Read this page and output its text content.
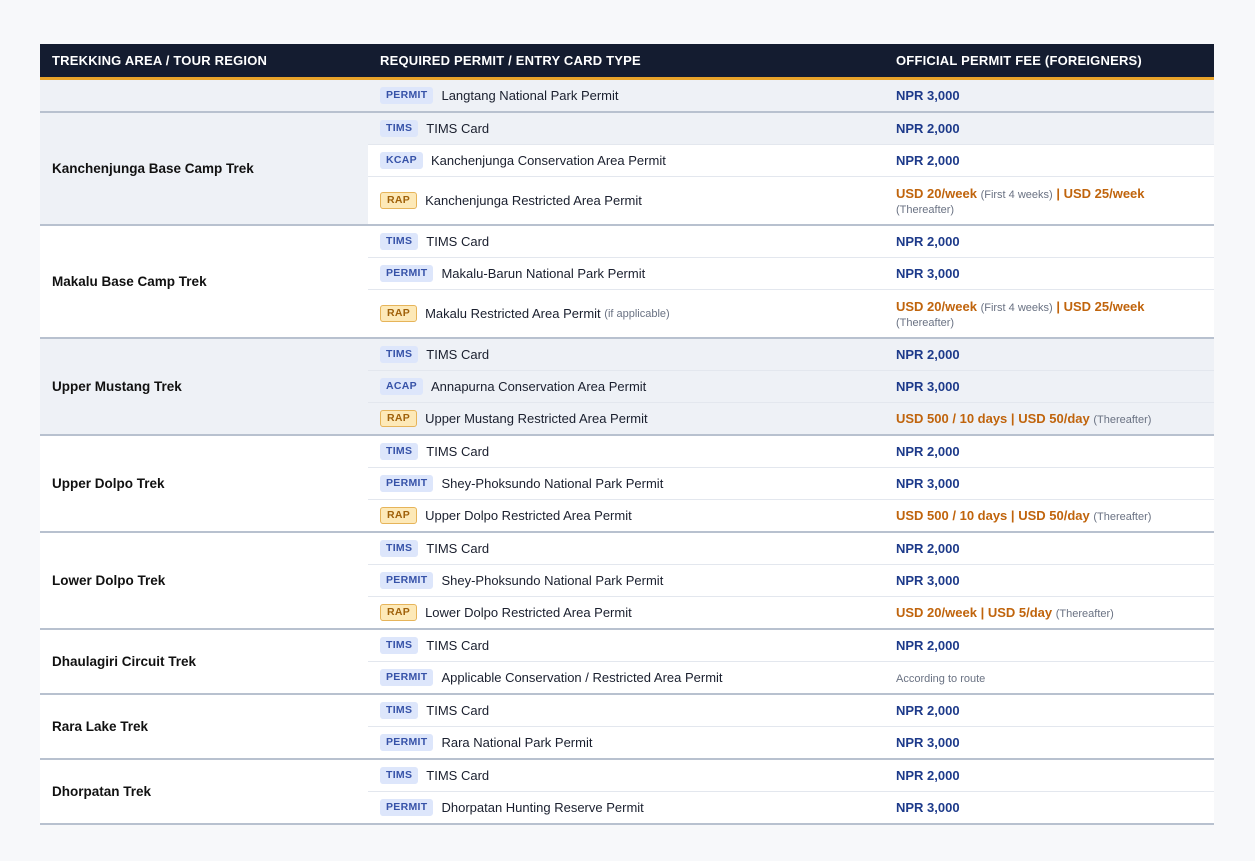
TREKKING AREA / TOUR REGION	REQUIRED PERMIT / ENTRY CARD TYPE	OFFICIAL PERMIT FEE (FOREIGNERS)
	PERMIT Langtang National Park Permit	NPR 3,000
Kanchenjunga Base Camp Trek	TIMS TIMS Card	NPR 2,000
	KCAP Kanchenjunga Conservation Area Permit	NPR 2,000
	RAP Kanchenjunga Restricted Area Permit	USD 20/week (First 4 weeks) | USD 25/week
(Thereafter)

Makalu Base Camp Trek	TIMS TIMS Card	NPR 2,000
	PERMIT Makalu-Barun National Park Permit	NPR 3,000
	RAP Makalu Restricted Area Permit (if applicable)	USD 20/week (First 4 weeks) | USD 25/week
(Thereafter)

Upper Mustang Trek	TIMS TIMS Card	NPR 2,000
	ACAP Annapurna Conservation Area Permit	NPR 3,000
	RAP Upper Mustang Restricted Area Permit	USD 500 / 10 days | USD 50/day (Thereafter)
Upper Dolpo Trek	TIMS TIMS Card	NPR 2,000
	PERMIT Shey-Phoksundo National Park Permit	NPR 3,000
	RAP Upper Dolpo Restricted Area Permit	USD 500 / 10 days | USD 50/day (Thereafter)
Lower Dolpo Trek	TIMS TIMS Card	NPR 2,000
	PERMIT Shey-Phoksundo National Park Permit	NPR 3,000
	RAP Lower Dolpo Restricted Area Permit	USD 20/week | USD 5/day (Thereafter)
Dhaulagiri Circuit Trek	TIMS TIMS Card	NPR 2,000
	PERMIT Applicable Conservation / Restricted Area Permit	According to route
Rara Lake Trek	TIMS TIMS Card	NPR 2,000
	PERMIT Rara National Park Permit	NPR 3,000
Dhorpatan Trek	TIMS TIMS Card	NPR 2,000
	PERMIT Dhorpatan Hunting Reserve Permit	NPR 3,000
